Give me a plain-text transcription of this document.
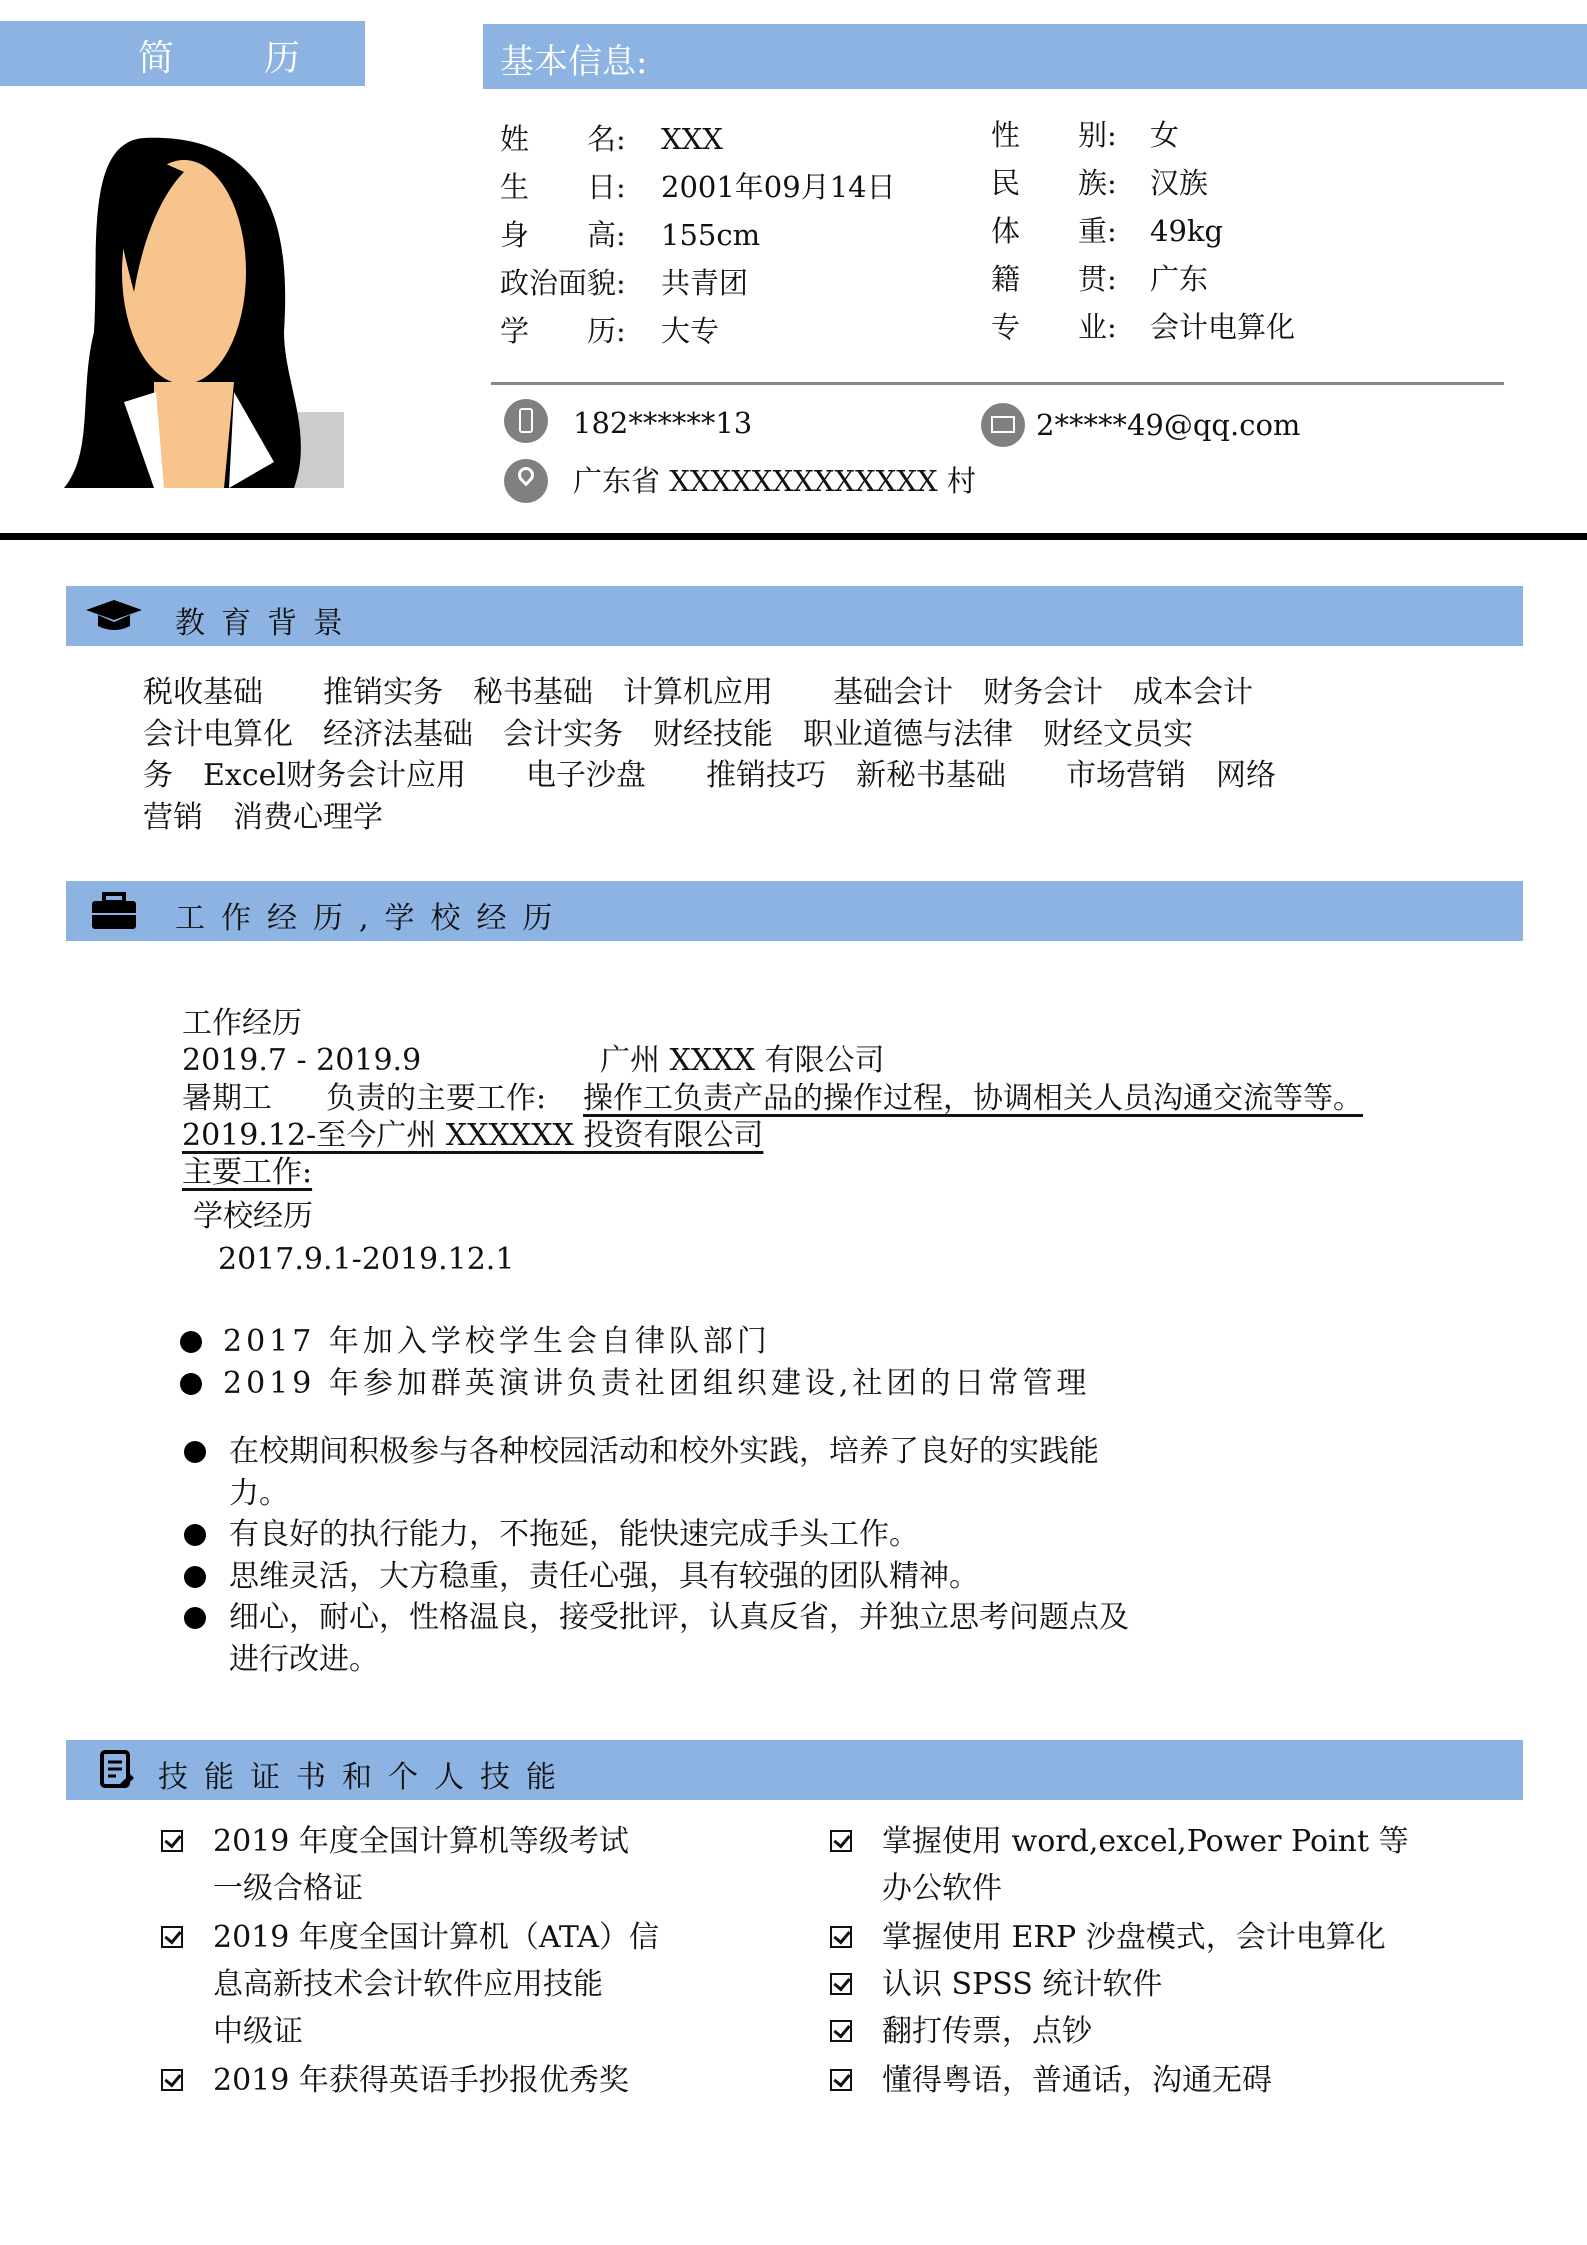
简　　历	基本信息:
姓　　名: XXX
生　　日: 2001年09月14日
身　　高: 155cm
政治面貌: 共青团
学　　历: 大专
性　　别: 女
民　　族: 汉族
体　　重: 49kg
籍　　贯: 广东
专　　业: 会计电算化
182******13	2*****49@qq.com
广东省 XXXXXXXXXXXXX 村
教育背景
税收基础　　推销实务　秘书基础　计算机应用　　基础会计　财务会计　成本会计
会计电算化　经济法基础　会计实务　财经技能　职业道德与法律　财经文员实
务　Excel财务会计应用　　电子沙盘　　推销技巧　新秘书基础　　市场营销　网络
营销　消费心理学
工作经历,学校经历
工作经历
2019.7 - 2019.9	广州 XXXX 有限公司
暑期工 负责的主要工作: 操作工负责产品的操作过程，协调相关人员沟通交流等等。
2019.12-至今广州 XXXXXX 投资有限公司
主要工作:
学校经历
2017.9.1-2019.12.1
2017 年加入学校学生会自律队部门
2019 年参加群英演讲负责社团组织建设,社团的日常管理
在校期间积极参与各种校园活动和校外实践，培养了良好的实践能
力。
有良好的执行能力，不拖延，能快速完成手头工作。
思维灵活，大方稳重，责任心强，具有较强的团队精神。
细心，耐心，性格温良，接受批评，认真反省，并独立思考问题点及
进行改进。
技能证书和个人技能
2019 年度全国计算机等级考试
一级合格证
2019 年度全国计算机（ATA）信
息高新技术会计软件应用技能
中级证
2019 年获得英语手抄报优秀奖
掌握使用 word,excel,Power Point 等
办公软件
掌握使用 ERP 沙盘模式，会计电算化
认识 SPSS 统计软件
翻打传票，点钞
懂得粤语，普通话，沟通无碍
